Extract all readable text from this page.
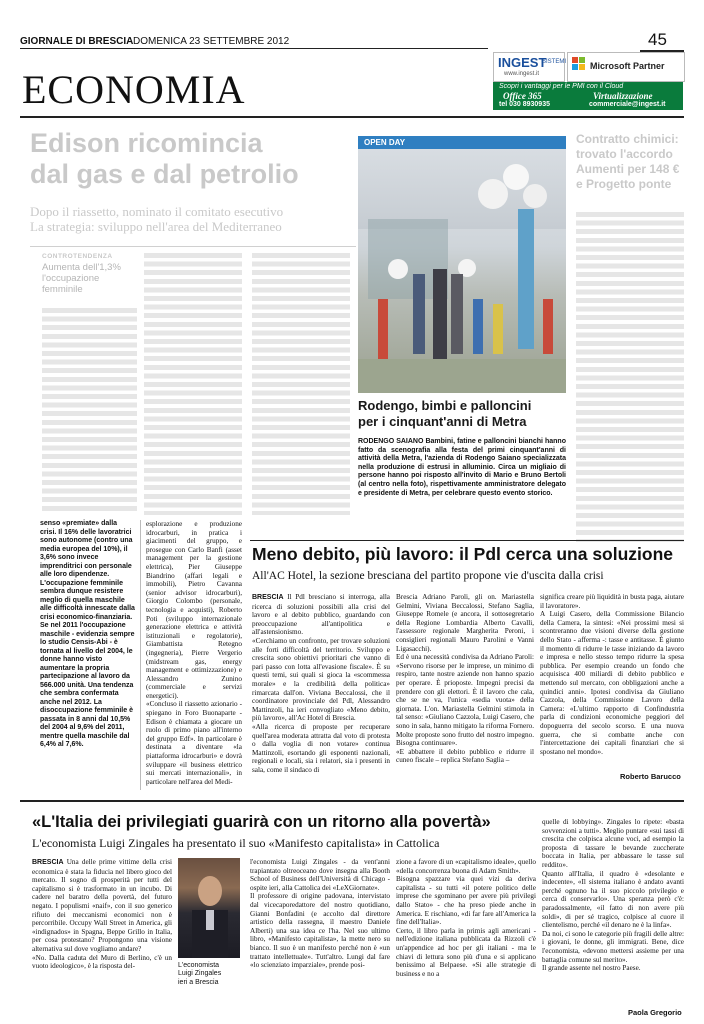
GIORNALE DI BRESCIA DOMENICA 23 SETTEMBRE 2012	45
ECONOMIA
INGEST
SISTEMI
www.ingest.it
Microsoft Partner
Scopri i vantaggi per le PMI con il Cloud
Office 365	Virtualizzazione
tel 030 8930935	commerciale@ingest.it
Edison ricomincia
dal gas e dal petrolio
Dopo il riassetto, nominato il comitato esecutivo
La strategia: sviluppo nell'area del Mediterraneo
CONTROTENDENZA
Aumenta dell'1,3% l'occupazione femminile
senso «premiate» dalla crisi. Il 16% delle lavoratrici sono autonome (contro una media europea del 10%), il 3,6% sono invece imprenditrici con personale alle loro dipendenze.
L'occupazione femminile sembra dunque resistere meglio di quella maschile alle difficoltà innescate dalla crisi economico-finanziaria. Se nel 2011 l'occupazione maschile - evidenzia sempre lo studio Censis-Abi - è tornata al livello del 2004, le donne hanno visto aumentare la propria partecipazione al lavoro da 566.000 unità. Una tendenza che sembra confermata anche nel 2012. La disoccupazione femminile è passata in 8 anni dal 10,5% del 2004 al 9,6% del 2011, mentre quella maschile dal 6,4% al 7,6%.
esplorazione e produzione idrocarburi, in pratica i giacimenti del gruppo, e prosegue con Carlo Banfi (asset management per la gestione elettrica), Pier Giuseppe Biandrino (affari legali e immobili), Pietro Cavanna (senior advisor idrocarburi), Giorgio Colombo (personale, tecnologia e acquisti), Roberto Poti (sviluppo internazionale generazione elettrica e attività istituzionali e regolatorie), Giambattista Retegno (ingegneria), Pierre Vergerio (midstream gas, energy management e ottimizzazione) e Alessandro Zunino (commerciale e servizi energetici).
«Concluso il riassetto azionario - spiegano in Foro Buonaparte - Edison è chiamata a giocare un ruolo di primo piano all'interno del gruppo Edf». In particolare è destinata a diventare «la piattaforma idrocarburi» e dovrà sviluppare «il business elettrico sui mercati internazionali», in particolare nell'area del Medi-
OPEN DAY
Rodengo, bimbi e palloncini
per i cinquant'anni di Metra
RODENGO SAIANO Bambini, fatine e palloncini bianchi hanno fatto da scenografia alla festa del primi cinquant'anni di attività della Metra, l'azienda di Rodengo Saiano specializzata nella produzione di estrusi in alluminio. Circa un migliaio di persone hanno poi risposto all'invito di Mario e Bruno Bertoli (al centro nella foto), rispettivamente amministratore delegato e presidente di Metra, per celebrare questo evento storico.
Contratto chimici:
trovato l'accordo
Aumenti per 148 €
e Progetto ponte
Meno debito, più lavoro: il Pdl cerca una soluzione
All'AC Hotel, la sezione bresciana del partito propone vie d'uscita dalla crisi
BRESCIA Il Pdl bresciano si interroga, alla ricerca di soluzioni possibili alla crisi del lavoro e al debito pubblico, guardando con preoccupazione all'antipolitica e all'astensionismo.
«Cerchiamo un confronto, per trovare soluzioni alle forti difficoltà del territorio. Sviluppo e crescita sono obiettivi prioritari che vanno di pari passo con lotta all'evasione fiscale». È su questi temi, sui quali si gioca la «scommessa morale» e la credibilità della politica» rimarcata dall'on. Viviana Beccalossi, che il coordinatore provinciale del Pdl, Alessandro Mattinzoli, ha ieri convogliato «Meno debito, più lavoro», all'Ac Hotel di Brescia.
«Alla ricerca di proposte per recuperare quell'area moderata attratta dal voto di protesta o dalla voglia di non votare» continua Mattinzoli, esortando gli esponenti nazionali, regionali e locali, sia i relatori, sia i presenti in sala, come il sindaco di
Brescia Adriano Paroli, gli on. Mariastella Gelmini, Viviana Beccalossi, Stefano Saglia, Giuseppe Romele (e ancora, il sottosegretario della Regione Lombardia Alberto Cavalli, l'assessore regionale Margherita Peroni, i consiglieri regionali Mauro Parolini e Vanni Ligasacchi).
Ed è una necessità condivisa da Adriano Paroli: «Servono risorse per le imprese, un minimo di respiro, tante nostre aziende non hanno spazio per operare. È prioposte. Impegni precisi da prendere con gli elettori. È il lavoro che cala, che se ne va, l'unica «sedia vuota» della giornata. L'on. Mariastella Gelmini stimola in tal senso: «Giuliano Cazzola, Luigi Casero, che sono in sala, hanno mitigato la riforma Fornero. Molte proposte sono frutto del nostro impegno. Bisogna continuare».
«E abbattere il debito pubblico e ridurre il cuneo fiscale – replica Stefano Saglia –
significa creare più liquidità in busta paga, aiutare il lavoratore».
A Luigi Casero, della Commissione Bilancio della Camera, la sintesi: «Nei prossimi mesi si scontreranno due visioni diverse della gestione dello Stato - afferma -: tasse e antitasse. È giunto il momento di ridurre le tasse iniziando da lavoro e impresa e nello stesso tempo ridurre la spesa pubblica. Per esempio creando un fondo che acquisisca 400 miliardi di debito pubblico e mettendo sul mercato, con obbligazioni anche a quindici anni». Ipotesi condivisa da Giuliano Cazzola, della Commissione Lavoro della Camera: «L'ultimo rapporto di Confindustria parla di condizioni economiche peggiori del dopoguerra del secolo scorso. E una nuova guerra, che si combatte anche con l'intercettazione dei capitali finanziari che si spostano nel mondo».
Roberto Barucco
«L'Italia dei privilegiati guarirà con un ritorno alla povertà»
L'economista Luigi Zingales ha presentato il suo «Manifesto capitalista» in Cattolica
BRESCIA Una delle prime vittime della crisi economica è stata la fiducia nel libero gioco del mercato. Il sogno di prosperità per tutti del capitalismo si è trasformato in un incubo. Di cadere nel baratro della povertà, del futuro negato. I populismi «naif», con il suo generico rifiuto dei meccanismi economici non è percorribile. Occupy Wall Street in America, gli «indignados» in Spagna, Beppe Grillo in Italia, per cosa protestano? Propongono una visione alternativa sul dove vogliamo andare?
«No. Dalla caduta del Muro di Berlino, c'è un vuoto ideologico», è la risposta del-	L'economista
Luigi Zingales
ieri a Brescia
l'economista Luigi Zingales - da vent'anni trapiantato oltreoceano dove insegna alla Booth School of Business dell'Università di Chicago - ospite ieri, alla Cattolica dei «LeXGiornate».
Il professore di origine padovana, intervistato dal vicecaporedattore del nostro quotidiano, Gianni Bonfadini (e accolto dal direttore artistico della rassegna, il maestro Daniele Alberti) una sua idea ce l'ha. Nel suo ultimo libro, «Manifesto capitalista», la mette nero su bianco. Il suo è un manifesto perché non è «un trattato intellettuale». Tutt'altro. Lungi dal fare «lo scienziato imparziale», prende posi-
zione a favore di un «capitalismo ideale», quello «della concorrenza buona di Adam Smith».
Bisogna spazzare via quei vizi da deriva capitalista - su tutti «il potere politico delle imprese che sgominano per avere più privilegi dallo Stato» - che ha preso piede anche in America. E rischiano, «di far fare all'America la fine dell'Italia».
Certo, il libro parla in primis agli americani - nell'edizione italiana pubblicata da Rizzoli c'è un'appendice ad hoc per gli italiani - ma le chiavi di lettura sono più d'una e si applicano benissimo al Belpaese. «Si alle strategie di business e no a
quelle di lobbying». Zingales lo ripete: «basta sovvenzioni a tutti». Meglio puntare «sui tassi di crescita che colpisca alcune voci, ad esempio la proposta di tassare le bevande zuccherate boccata in Italia, per abbassare le tasse sul reddito».
Quanto all'Italia, il quadro è «desolante e indecente», «Il sistema italiano è andato avanti perché ognuno ha il suo piccolo privilegio e cerca di conservarlo». Una speranza però c'è: paradossalmente, «il fatto di non avere più soldi», di per sé tragico, colpisce al cuore il clientelismo, perché «il denaro ne è la linfa».
Da noi, ci sono le categorie più fragili delle altre: i giovani, le donne, gli immigrati. Bene, dice l'economista, «devono mettersi assieme per una battaglia comune sul merito».
Il grande assente nel nostro Paese.
Paola Gregorio
